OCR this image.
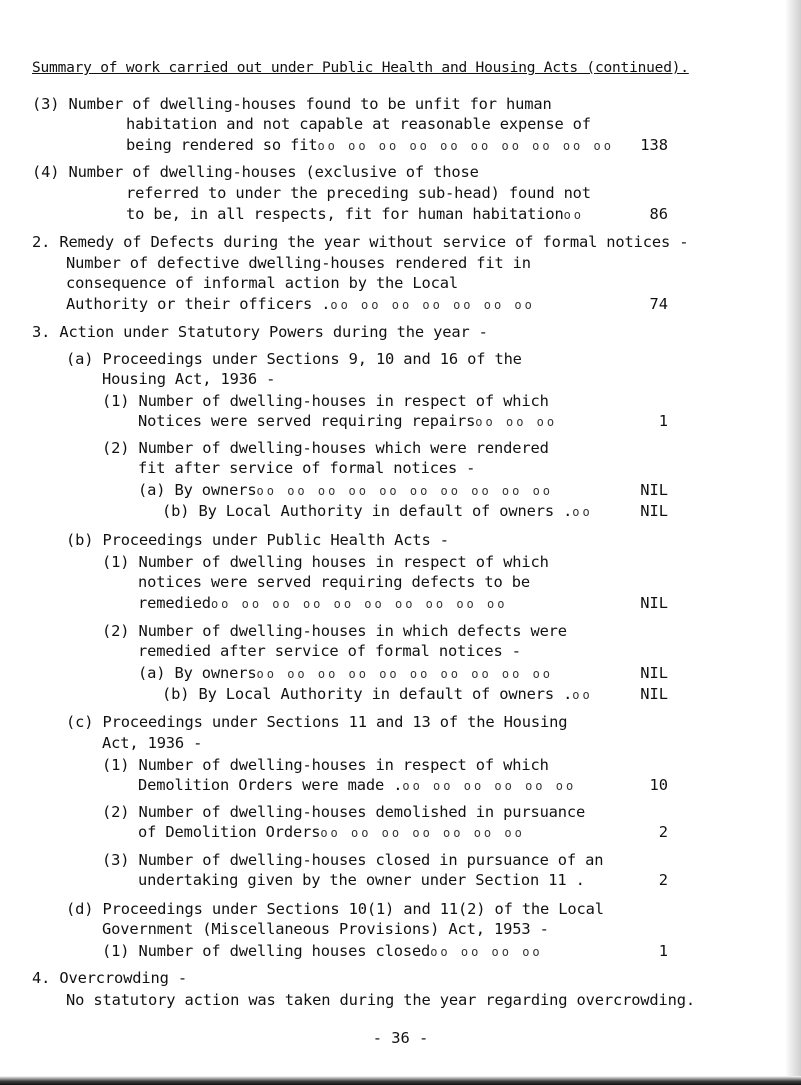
Summary of work carried out under Public Health and Housing Acts (continued).
(3) Number of dwelling-houses found to be unfit for human
habitation and not capable at reasonable expense of
being rendered so fitoo oo oo oo oo oo oo oo oo oo	138
(4) Number of dwelling-houses (exclusive of those
referred to under the preceding sub-head) found not
to be, in all respects, fit for human habitationoo	86
2. Remedy of Defects during the year without service of formal notices -
Number of defective dwelling-houses rendered fit in
consequence of informal action by the Local
Authority or their officers .oo oo oo oo oo oo oo	74
3. Action under Statutory Powers during the year -
(a) Proceedings under Sections 9, 10 and 16 of the
Housing Act, 1936 -
(1) Number of dwelling-houses in respect of which
Notices were served requiring repairsoo oo oo	1
(2) Number of dwelling-houses which were rendered
fit after service of formal notices -
(a) By ownersoo oo oo oo oo oo oo oo oo oo	NIL
(b) By Local Authority in default of owners .oo	NIL
(b) Proceedings under Public Health Acts -
(1) Number of dwelling houses in respect of which
notices were served requiring defects to be
remediedoo oo oo oo oo oo oo oo oo oo	NIL
(2) Number of dwelling-houses in which defects were
remedied after service of formal notices -
(a) By ownersoo oo oo oo oo oo oo oo oo oo	NIL
(b) By Local Authority in default of owners .oo	NIL
(c) Proceedings under Sections 11 and 13 of the Housing
Act, 1936 -
(1) Number of dwelling-houses in respect of which
Demolition Orders were made .oo oo oo oo oo oo	10
(2) Number of dwelling-houses demolished in pursuance
of Demolition Ordersoo oo oo oo oo oo oo	2
(3) Number of dwelling-houses closed in pursuance of an
undertaking given by the owner under Section 11 .	2
(d) Proceedings under Sections 10(1) and 11(2) of the Local
Government (Miscellaneous Provisions) Act, 1953 -
(1) Number of dwelling houses closedoo oo oo oo	1
4. Overcrowding -
No statutory action was taken during the year regarding overcrowding.
- 36 -
